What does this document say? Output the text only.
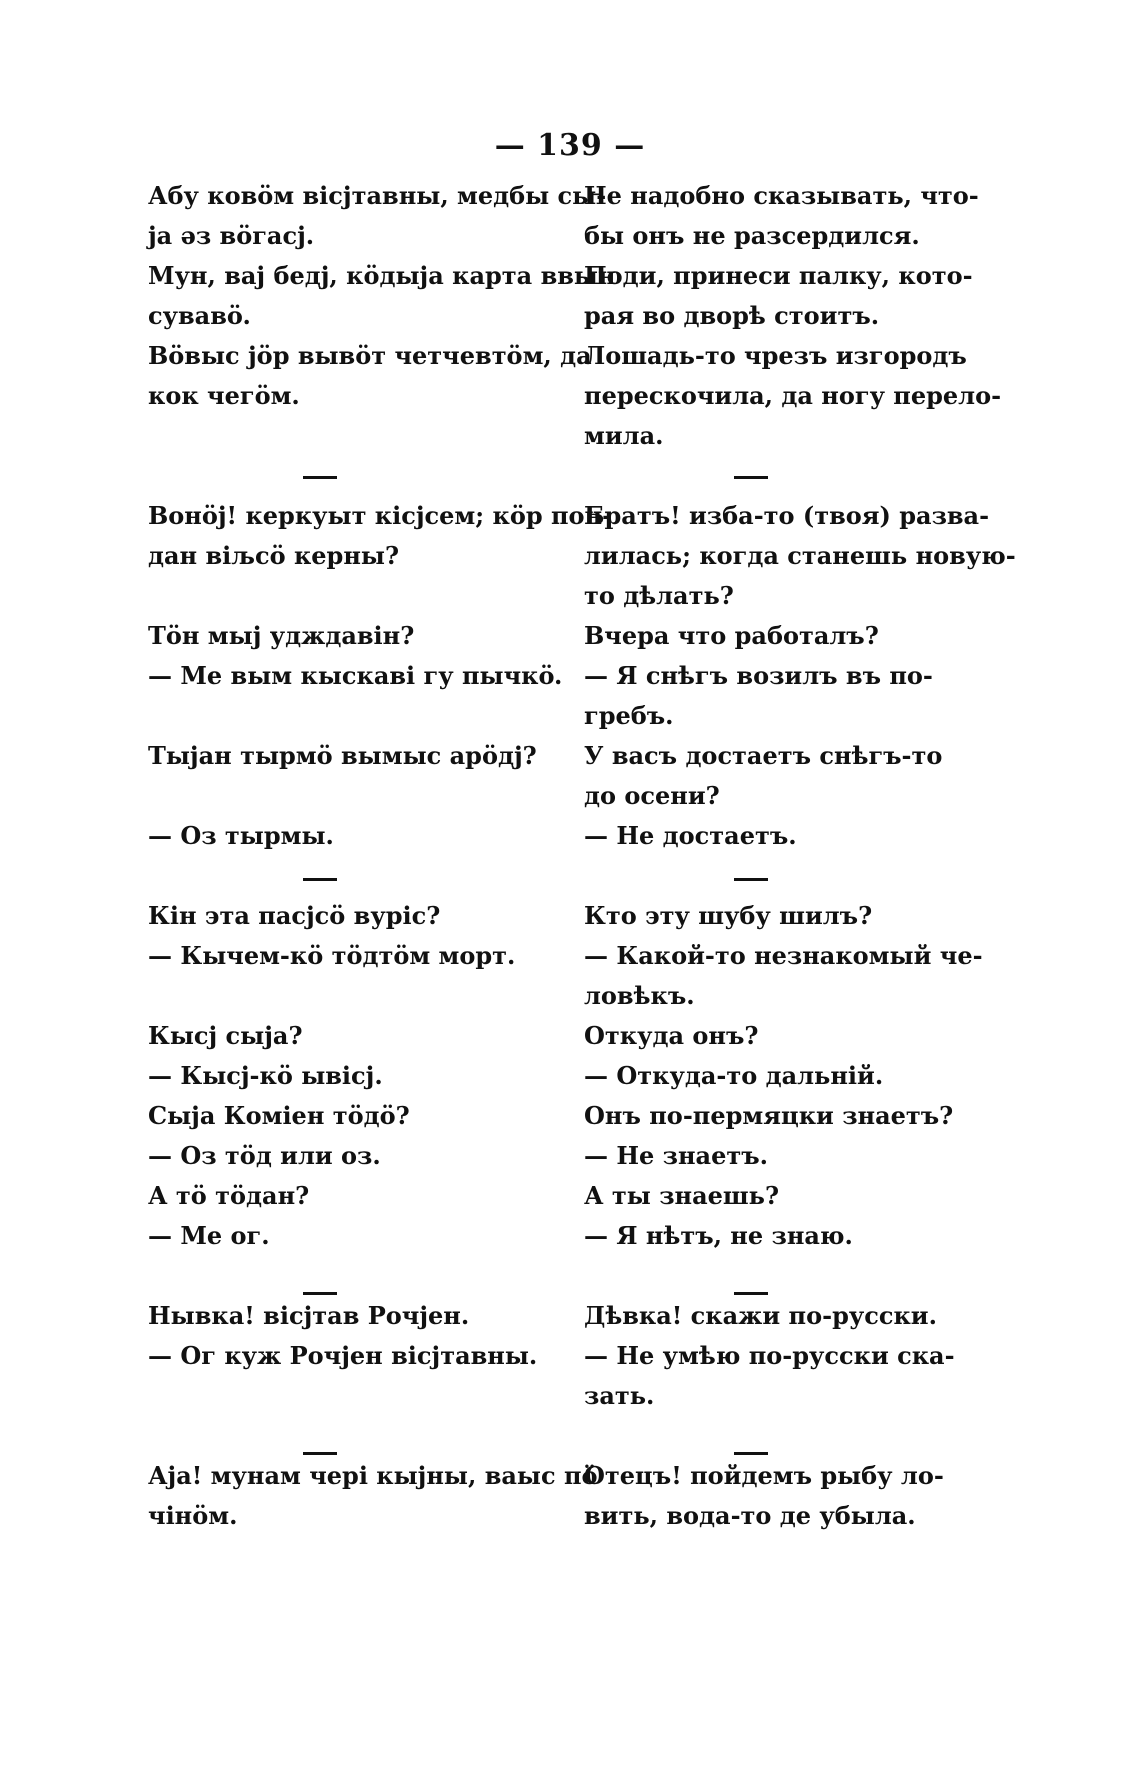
— 139 —
Абу ковöм вісјтавны, медбы сы-
ја əз вöгасј.
Мун, вај бедј, кöдыја карта ввын
сувавö.
Вöвыс јöр вывöт четчевтöм, да
кок чегöм.
Вонöј! керкуыт кісјсем; кöр пон-
дан віљсö керны?
Тöн мыј удждавін?
— Ме вым кыскаві гу пычкö.
Тыјан тырмö вымыс арöдј?
— Оз тырмы.
Кін эта пасјсö вуріс?
— Кычем-кö тöдтöм морт.
Кысј сыја?
— Кысј-кö ывісј.
Сыја Коміен тöдö?
— Оз тöд или оз.
А тö тöдан?
— Ме ог.
Нывка! вісјтав Рочјен.
— Ог куж Рочјен вісјтавны.
Аја! мунам чері кыјны, ваыс пö
чінöм.
Не надобно сказывать, что-
бы онъ не разсердился.
Поди, принеси палку, кото-
рая во дворѣ стоитъ.
Лошадь-то чрезъ изгородъ
перескочила, да ногу перело-
мила.
Братъ! изба-то (твоя) разва-
лилась; когда станешь новую-
то дѣлать?
Вчера что работалъ?
— Я снѣгъ возилъ въ по-
гребъ.
У васъ достаетъ снѣгъ-то
до осени?
— Не достаетъ.
Кто эту шубу шилъ?
— Какой-то незнакомый че-
ловѣкъ.
Откуда онъ?
— Откуда-то дальній.
Онъ по-пермяцки знаетъ?
— Не знаетъ.
А ты знаешь?
— Я нѣтъ, не знаю.
Дѣвка! скажи по-русски.
— Не умѣю по-русски ска-
зать.
Отецъ! пойдемъ рыбу ло-
вить, вода-то де убыла.
